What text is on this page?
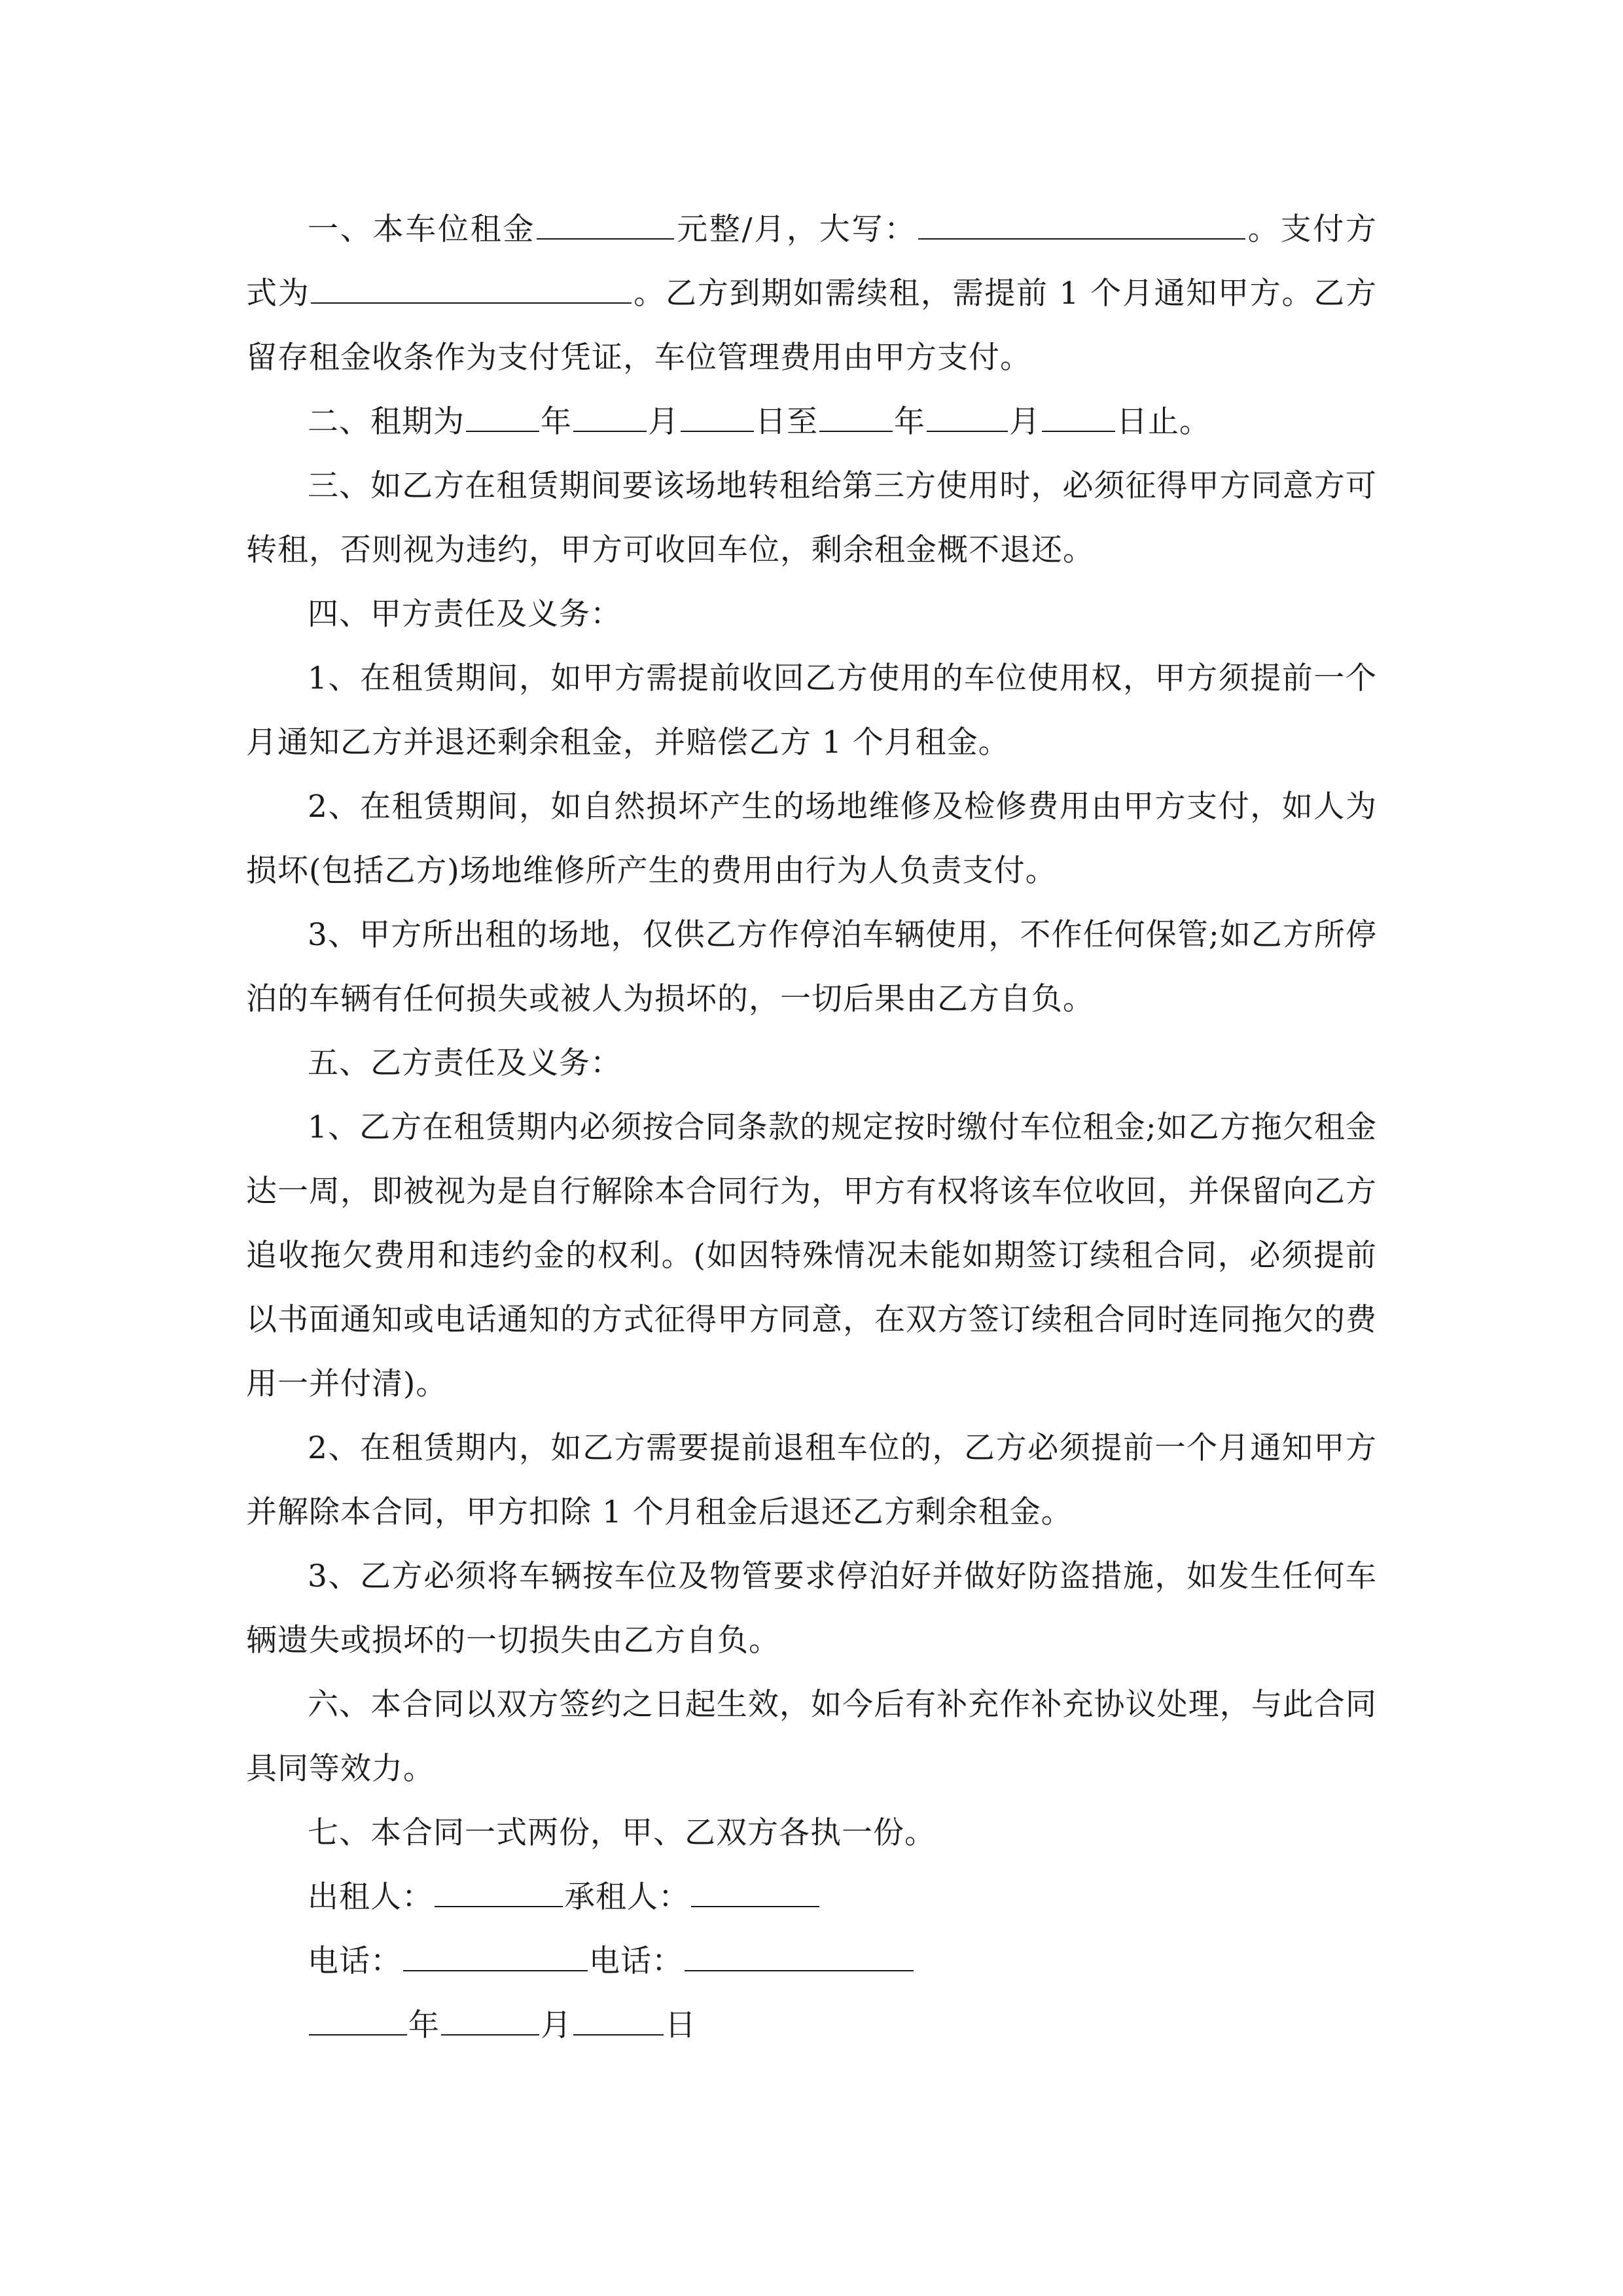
一、本车位租金	元整/月，大写：	。支付方式为	。乙方到期如需续租，需提前 1 个月通知甲方。乙方留存租金收条作为支付凭证，车位管理费用由甲方支付。

二、租期为 年 月 日至 年	月 日止。

三、如乙方在租赁期间要该场地转租给第三方使用时，必须征得甲方同意方可转租，否则视为违约，甲方可收回车位，剩余租金概不退还。

四、甲方责任及义务：

1、在租赁期间，如甲方需提前收回乙方使用的车位使用权，甲方须提前一个月通知乙方并退还剩余租金，并赔偿乙方 1 个月租金。

2、在租赁期间，如自然损坏产生的场地维修及检修费用由甲方支付，如人为损坏(包括乙方)场地维修所产生的费用由行为人负责支付。

3、甲方所出租的场地，仅供乙方作停泊车辆使用，不作任何保管;如乙方所停泊的车辆有任何损失或被人为损坏的，一切后果由乙方自负。

五、乙方责任及义务：

1、乙方在租赁期内必须按合同条款的规定按时缴付车位租金;如乙方拖欠租金达一周，即被视为是自行解除本合同行为，甲方有权将该车位收回，并保留向乙方追收拖欠费用和违约金的权利。(如因特殊情况未能如期签订续租合同，必须提前以书面通知或电话通知的方式征得甲方同意，在双方签订续租合同时连同拖欠的费用一并付清)。

2、在租赁期内，如乙方需要提前退租车位的，乙方必须提前一个月通知甲方并解除本合同，甲方扣除 1 个月租金后退还乙方剩余租金。

3、乙方必须将车辆按车位及物管要求停泊好并做好防盗措施，如发生任何车辆遗失或损坏的一切损失由乙方自负。

六、本合同以双方签约之日起生效，如今后有补充作补充协议处理，与此合同具同等效力。

七、本合同一式两份，甲、乙双方各执一份。

出租人：	承租人：

电话：	电话：

年	月	日
